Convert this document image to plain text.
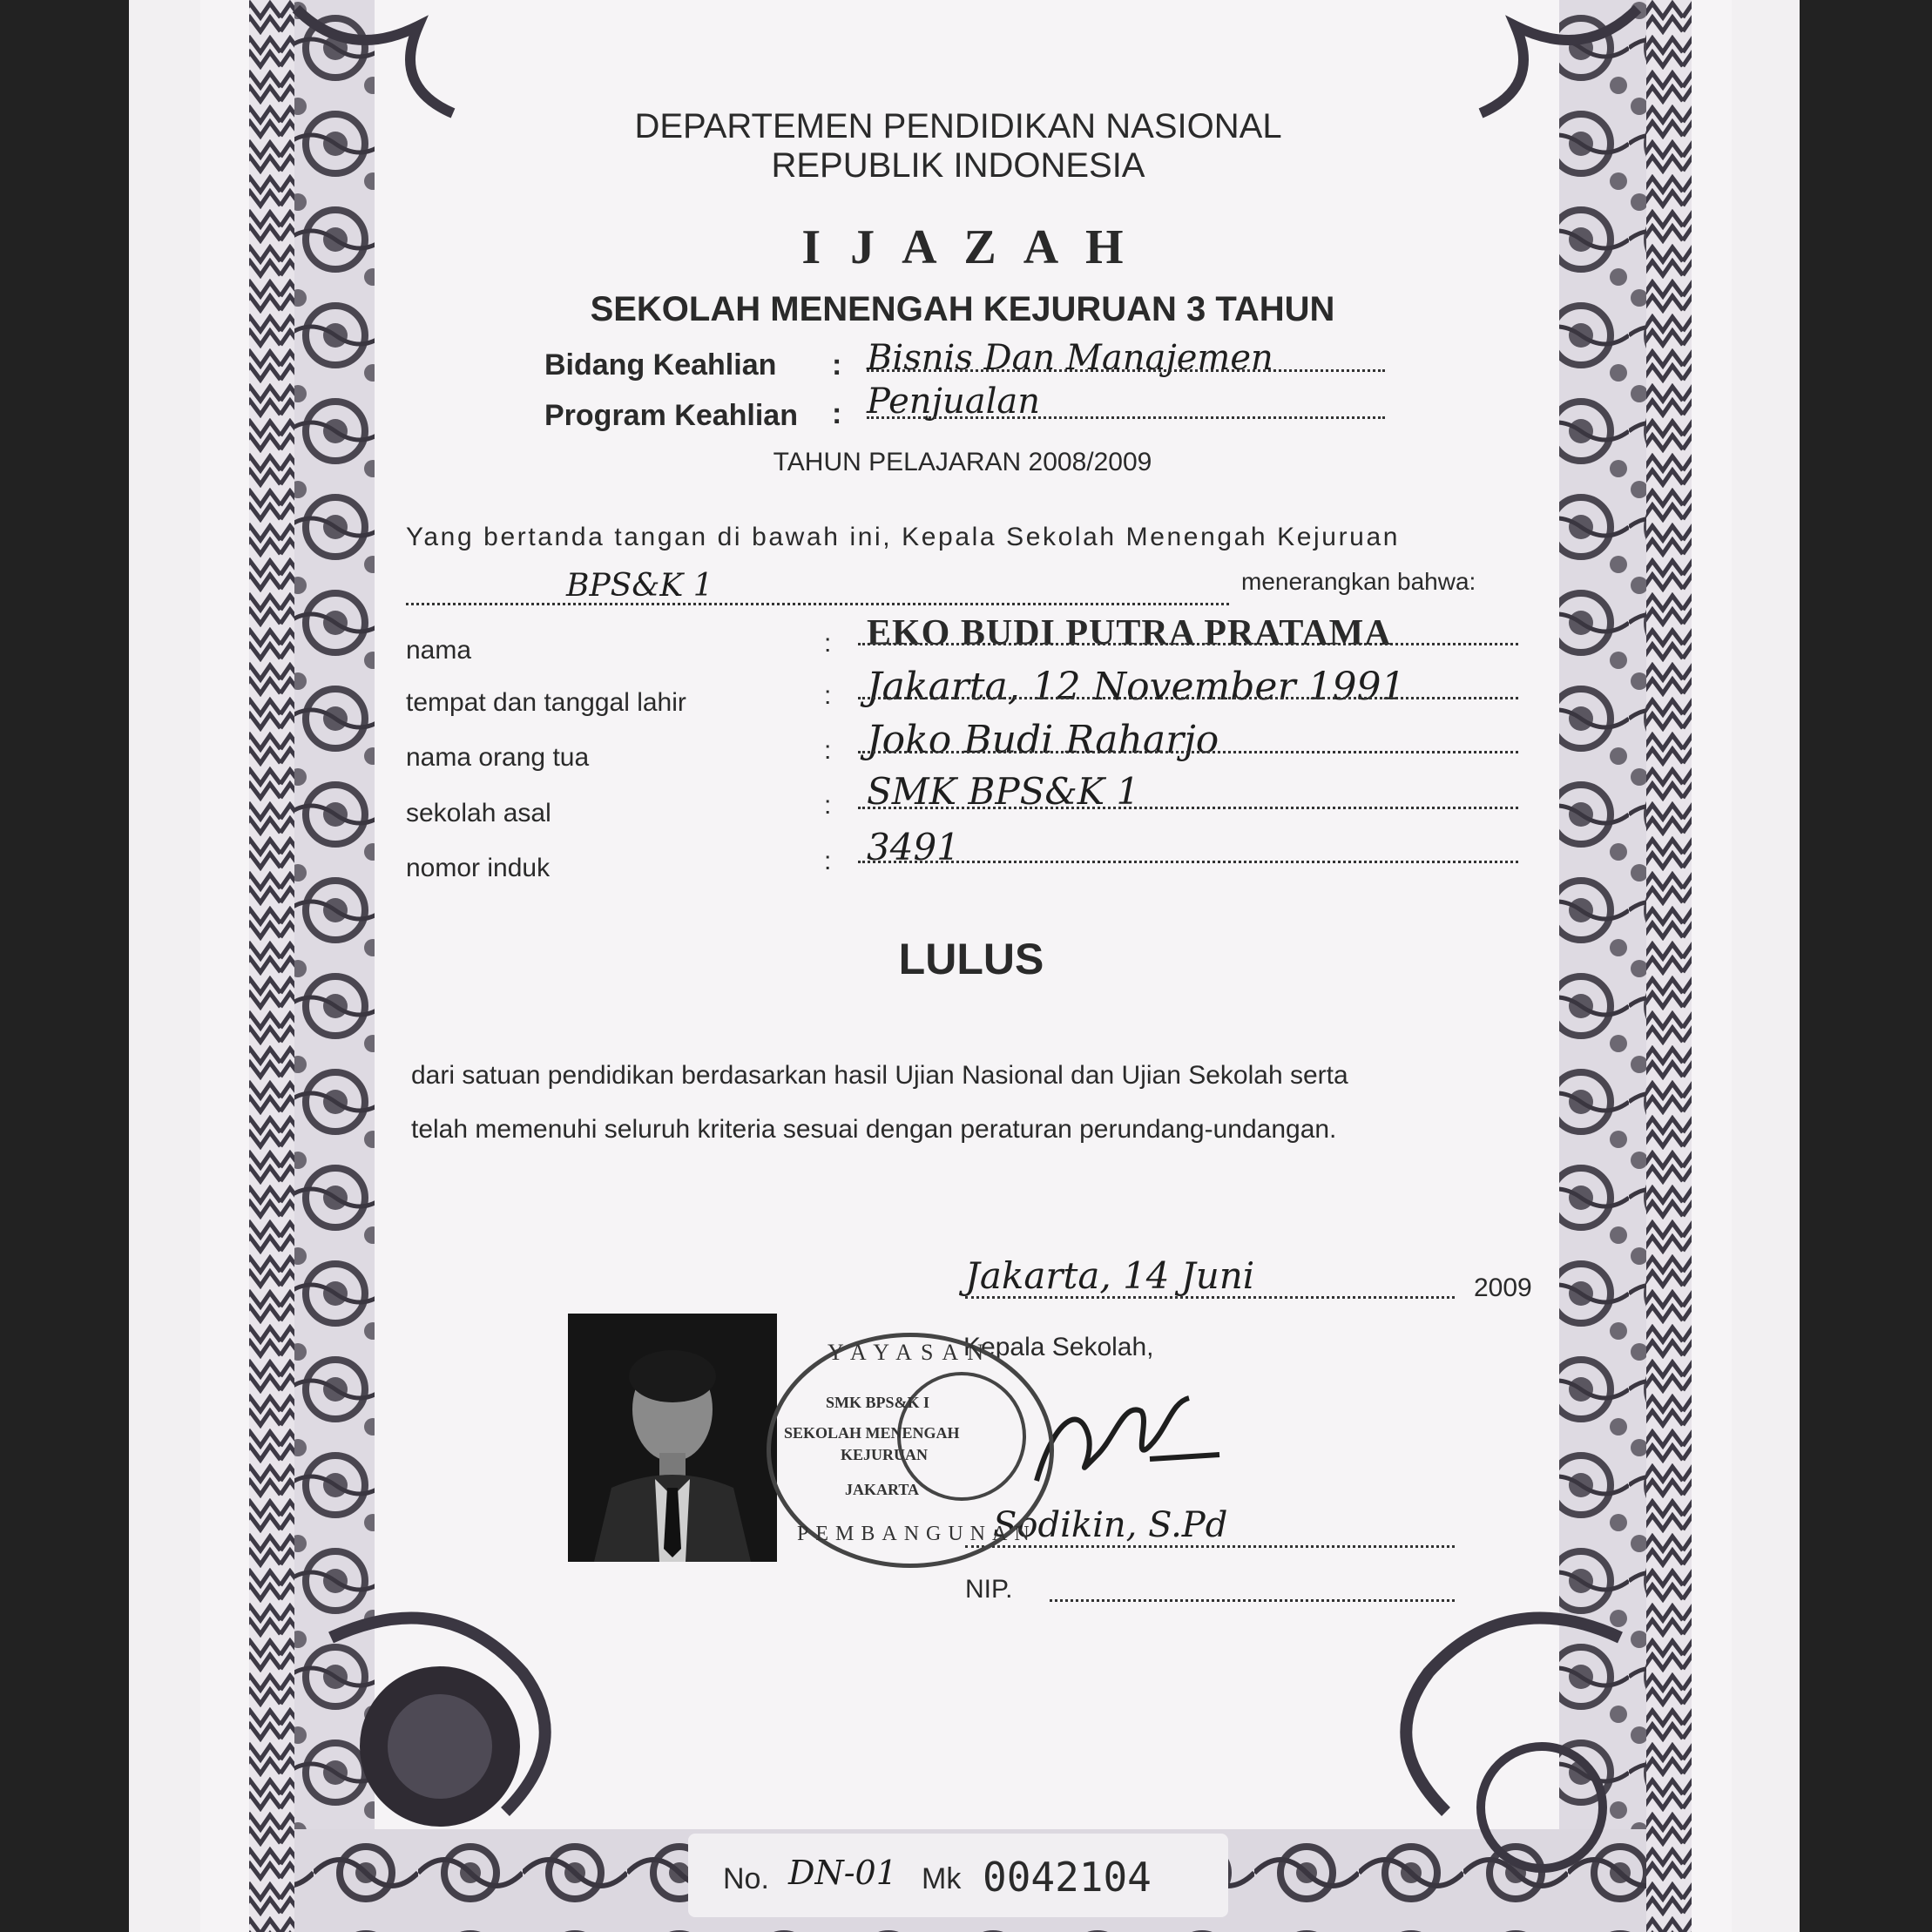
DEPARTEMEN PENDIDIKAN NASIONAL
REPUBLIK INDONESIA
I J A Z A H
SEKOLAH MENENGAH KEJURUAN 3 TAHUN
Bidang Keahlian : Bisnis Dan Manajemen
Program Keahlian : Penjualan
TAHUN PELAJARAN 2008/2009
Yang bertanda tangan di bawah ini, Kepala Sekolah Menengah Kejuruan
BPS&K 1	menerangkan bahwa:
nama	: EKO BUDI PUTRA PRATAMA
tempat dan tanggal lahir	: Jakarta, 12 November 1991
nama orang tua	: Joko Budi Raharjo
sekolah asal	: SMK BPS&K 1
nomor induk	: 3491
LULUS
dari satuan pendidikan berdasarkan hasil Ujian Nasional dan Ujian Sekolah serta
telah memenuhi seluruh kriteria sesuai dengan peraturan perundang-undangan.
Jakarta, 14 Juni	2009
Kepala Sekolah,
Sodikin, S.Pd
NIP.
YAYASAN
SMK BPS&K I
SEKOLAH MENENGAH
KEJURUAN
JAKARTA
PEMBANGUNAN
No. DN-01 Mk 0042104
